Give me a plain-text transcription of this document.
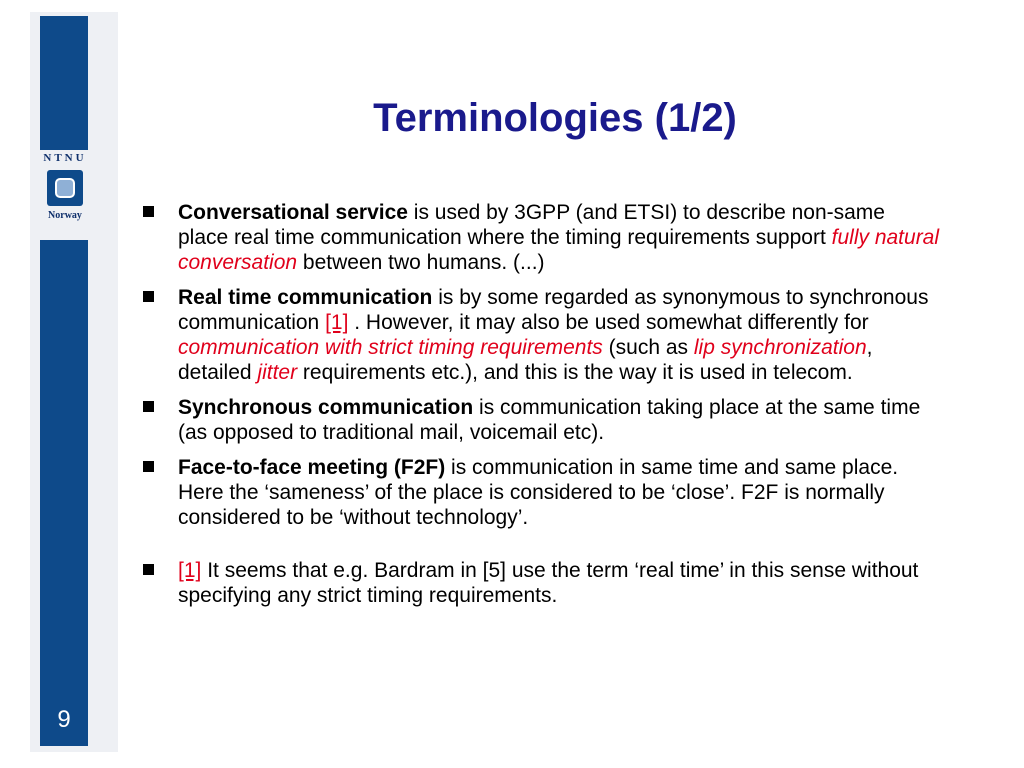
NTNU
Norway
9
Terminologies (1/2)
Conversational service is used by 3GPP (and ETSI) to describe non-same place real time communication where the timing requirements support fully natural conversation between two humans. (...)
Real time communication is by some regarded as synonymous to synchronous communication [1] . However, it may also be used somewhat differently for communication with strict timing requirements (such as lip synchronization, detailed jitter requirements etc.), and this is the way it is used in telecom.
Synchronous communication is communication taking place at the same time (as opposed to traditional mail, voicemail etc).
Face-to-face meeting (F2F) is communication in same time and same place. Here the ‘sameness’ of the place is considered to be ‘close’. F2F is normally considered to be ‘without technology’.
[1] It seems that e.g. Bardram in [5] use the term ‘real time’ in this sense without specifying any strict timing requirements.
